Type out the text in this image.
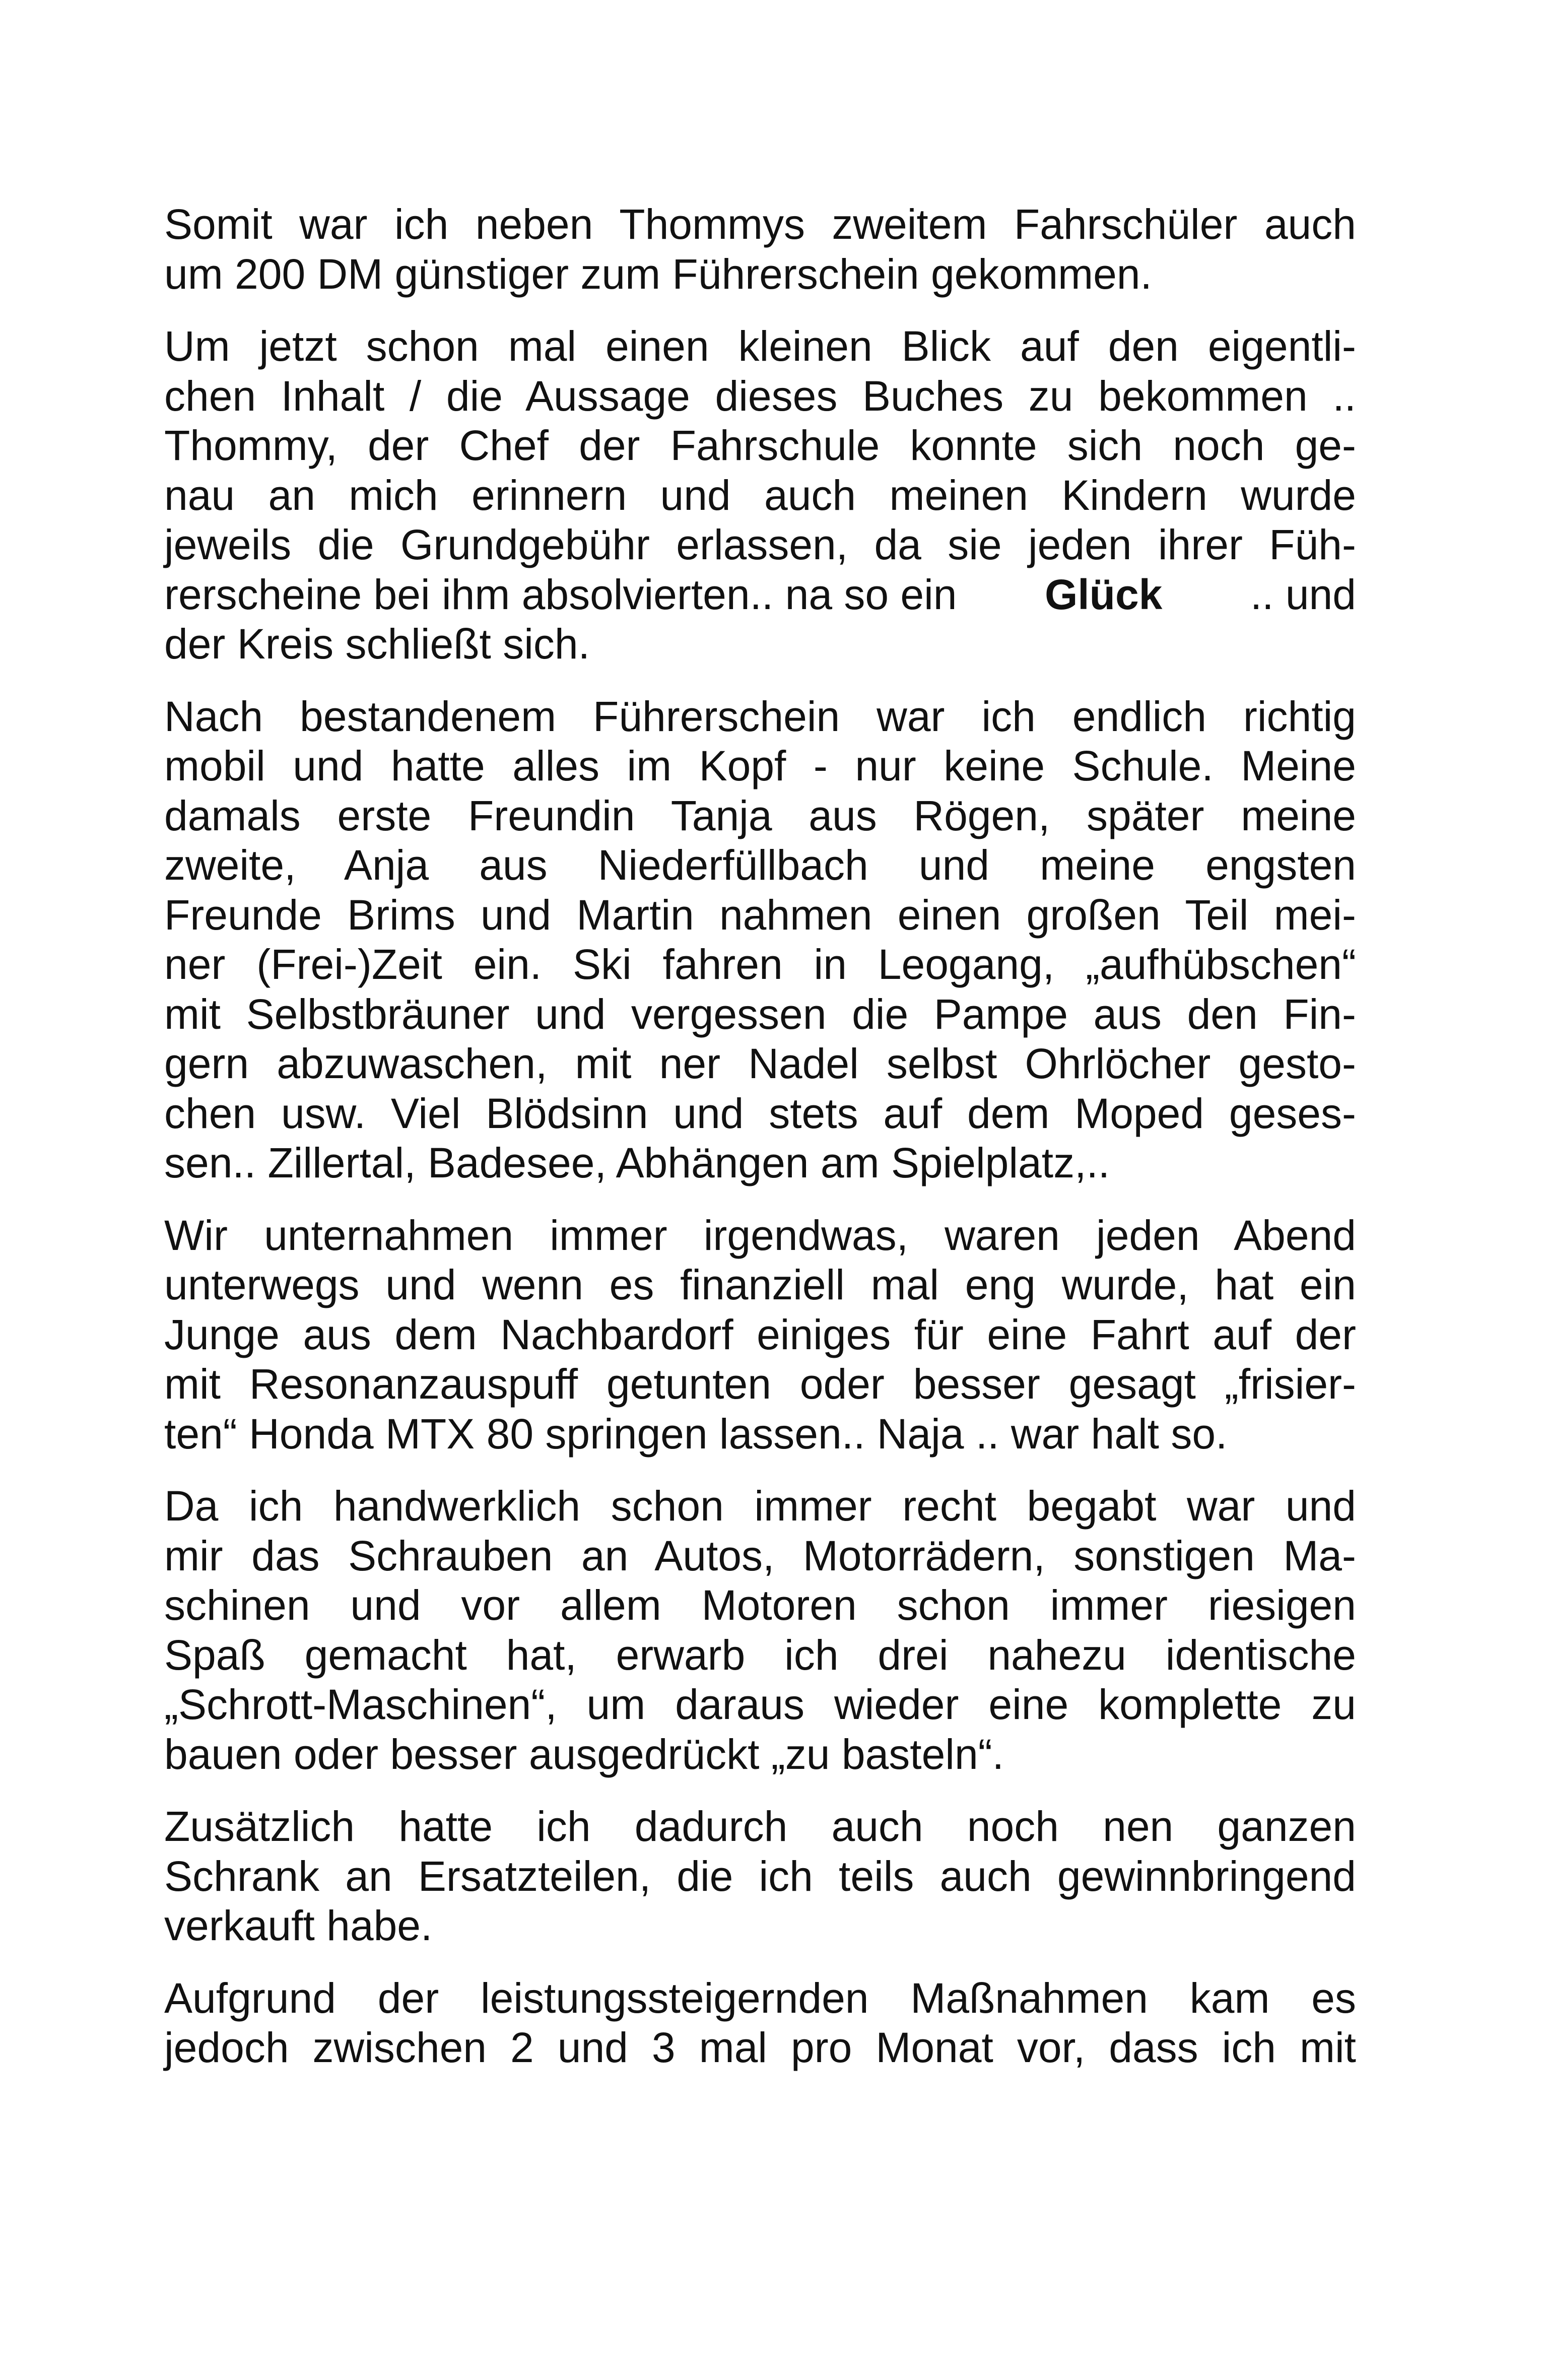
Somit war ich neben Thommys zweitem Fahrschüler auch
um 200 DM günstiger zum Führerschein gekommen.

Um jetzt schon mal einen kleinen Blick auf den eigentli-
chen Inhalt / die Aussage dieses Buches zu bekommen ..
Thommy, der Chef der Fahrschule konnte sich noch ge-
nau an mich erinnern und auch meinen Kindern wurde
jeweils die Grundgebühr erlassen, da sie jeden ihrer Füh-
rerscheine bei ihm absolvierten.. na so ein Glück .. und
der Kreis schließt sich.

Nach bestandenem Führerschein war ich endlich richtig
mobil und hatte alles im Kopf - nur keine Schule. Meine
damals erste Freundin Tanja aus Rögen, später meine
zweite, Anja aus Niederfüllbach und meine engsten
Freunde Brims und Martin nahmen einen großen Teil mei-
ner (Frei-)Zeit ein. Ski fahren in Leogang, „aufhübschen“
mit Selbstbräuner und vergessen die Pampe aus den Fin-
gern abzuwaschen, mit ner Nadel selbst Ohrlöcher gesto-
chen usw. Viel Blödsinn und stets auf dem Moped geses-
sen.. Zillertal, Badesee, Abhängen am Spielplatz,..

Wir unternahmen immer irgendwas, waren jeden Abend
unterwegs und wenn es finanziell mal eng wurde, hat ein
Junge aus dem Nachbardorf einiges für eine Fahrt auf der
mit Resonanzauspuff getunten oder besser gesagt „frisier-
ten“ Honda MTX 80 springen lassen.. Naja .. war halt so.

Da ich handwerklich schon immer recht begabt war und
mir das Schrauben an Autos, Motorrädern, sonstigen Ma-
schinen und vor allem Motoren schon immer riesigen
Spaß gemacht hat, erwarb ich drei nahezu identische
„Schrott-Maschinen“, um daraus wieder eine komplette zu
bauen oder besser ausgedrückt „zu basteln“.

Zusätzlich hatte ich dadurch auch noch nen ganzen
Schrank an Ersatzteilen, die ich teils auch gewinnbringend
verkauft habe.

Aufgrund der leistungssteigernden Maßnahmen kam es
jedoch zwischen 2 und 3 mal pro Monat vor, dass ich mit
